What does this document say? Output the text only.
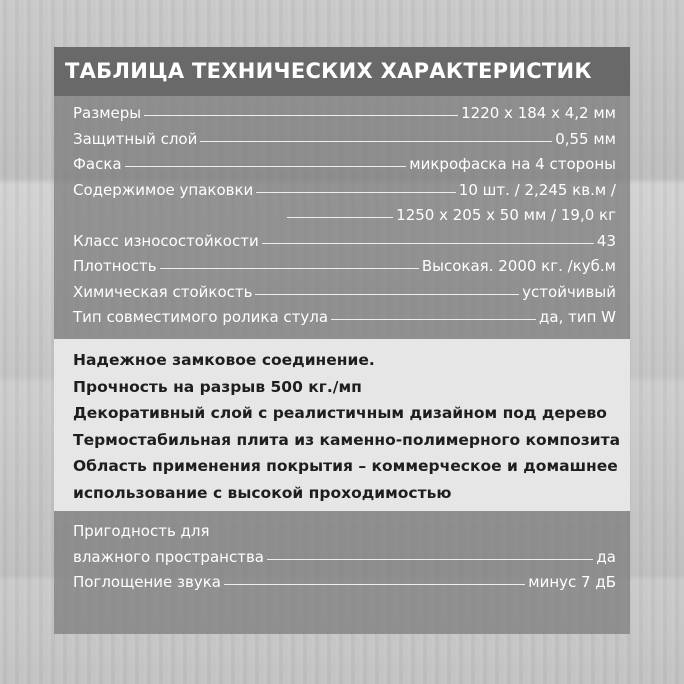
ТАБЛИЦА ТЕХНИЧЕСКИХ ХАРАКТЕРИСТИК
Размеры	1220 х 184 х 4,2 мм
Защитный слой	0,55 мм
Фаска	микрофаска на 4 стороны
Содержимое упаковки	10 шт. / 2,245 кв.м /
1250 х 205 х 50 мм / 19,0 кг
Класс износостойкости	43
Плотность	Высокая. 2000 кг. /куб.м
Химическая стойкость	устойчивый
Тип совместимого ролика стула	да, тип W
Надежное замковое соединение.
Прочность на разрыв 500 кг./мп
Декоративный слой с реалистичным дизайном под дерево
Термостабильная плита из каменно-полимерного композита
Область применения покрытия – коммерческое и домашнее
использование с высокой проходимостью
Пригодность для
влажного пространства	да
Поглощение звука	минус 7 дБ
